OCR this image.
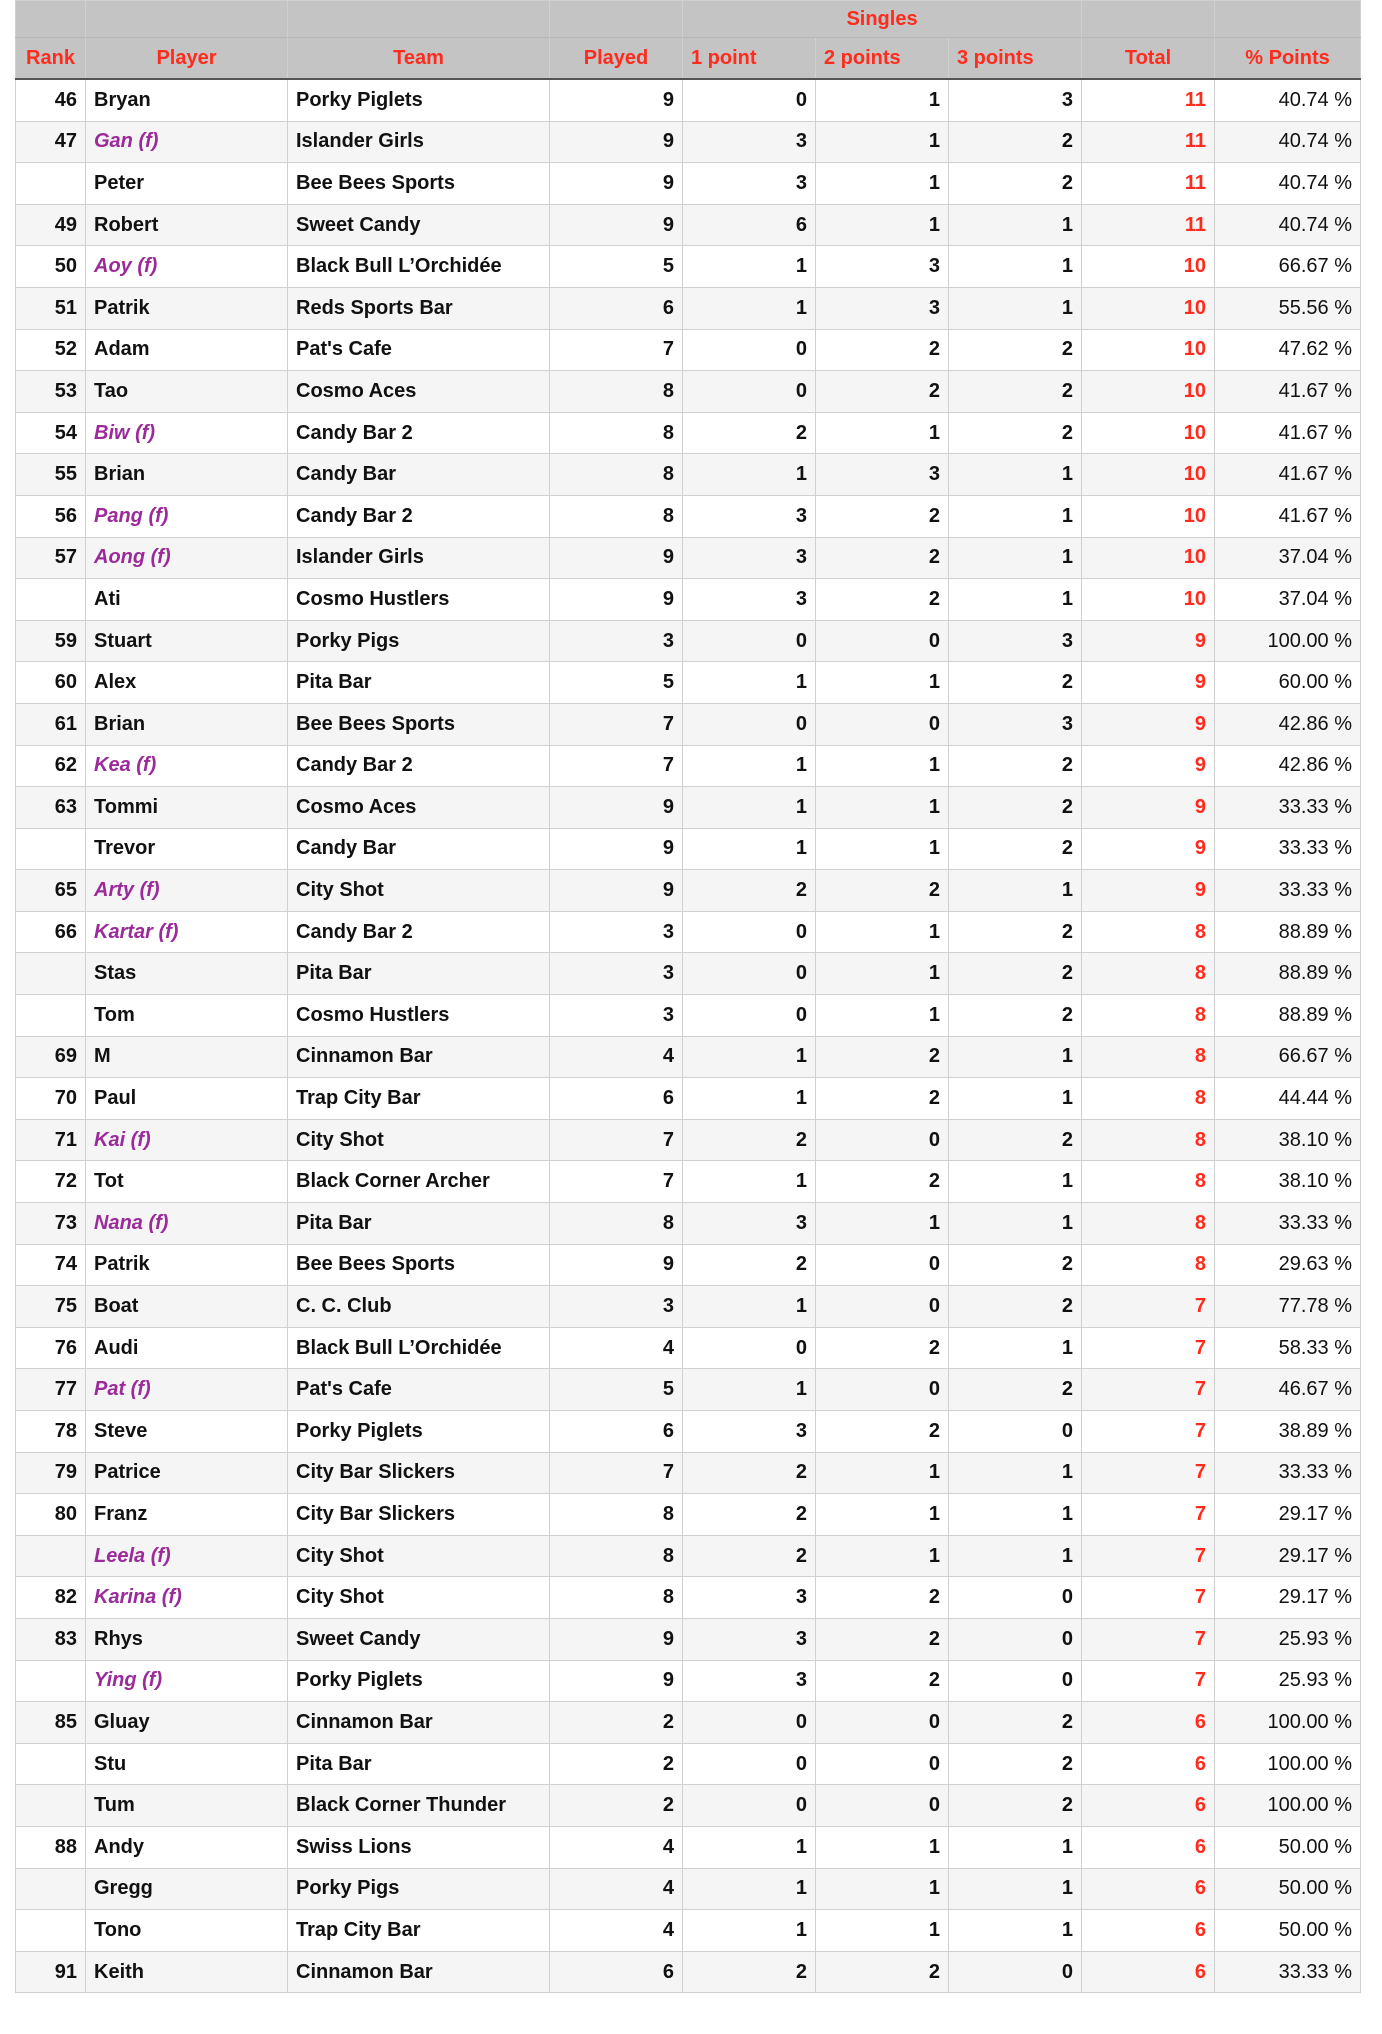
				Singles				
Rank	Player	Team	Played	1 point	2 points	3 points	Total	% Points
46	Bryan	Porky Piglets	9	0	1	3	11	40.74 %
47	Gan (f)	Islander Girls	9	3	1	2	11	40.74 %
	Peter	Bee Bees Sports	9	3	1	2	11	40.74 %
49	Robert	Sweet Candy	9	6	1	1	11	40.74 %
50	Aoy (f)	Black Bull L’Orchidée	5	1	3	1	10	66.67 %
51	Patrik	Reds Sports Bar	6	1	3	1	10	55.56 %
52	Adam	Pat's Cafe	7	0	2	2	10	47.62 %
53	Tao	Cosmo Aces	8	0	2	2	10	41.67 %
54	Biw (f)	Candy Bar 2	8	2	1	2	10	41.67 %
55	Brian	Candy Bar	8	1	3	1	10	41.67 %
56	Pang (f)	Candy Bar 2	8	3	2	1	10	41.67 %
57	Aong (f)	Islander Girls	9	3	2	1	10	37.04 %
	Ati	Cosmo Hustlers	9	3	2	1	10	37.04 %
59	Stuart	Porky Pigs	3	0	0	3	9	100.00 %
60	Alex	Pita Bar	5	1	1	2	9	60.00 %
61	Brian	Bee Bees Sports	7	0	0	3	9	42.86 %
62	Kea (f)	Candy Bar 2	7	1	1	2	9	42.86 %
63	Tommi	Cosmo Aces	9	1	1	2	9	33.33 %
	Trevor	Candy Bar	9	1	1	2	9	33.33 %
65	Arty (f)	City Shot	9	2	2	1	9	33.33 %
66	Kartar (f)	Candy Bar 2	3	0	1	2	8	88.89 %
	Stas	Pita Bar	3	0	1	2	8	88.89 %
	Tom	Cosmo Hustlers	3	0	1	2	8	88.89 %
69	M	Cinnamon Bar	4	1	2	1	8	66.67 %
70	Paul	Trap City Bar	6	1	2	1	8	44.44 %
71	Kai (f)	City Shot	7	2	0	2	8	38.10 %
72	Tot	Black Corner Archer	7	1	2	1	8	38.10 %
73	Nana (f)	Pita Bar	8	3	1	1	8	33.33 %
74	Patrik	Bee Bees Sports	9	2	0	2	8	29.63 %
75	Boat	C. C. Club	3	1	0	2	7	77.78 %
76	Audi	Black Bull L’Orchidée	4	0	2	1	7	58.33 %
77	Pat (f)	Pat's Cafe	5	1	0	2	7	46.67 %
78	Steve	Porky Piglets	6	3	2	0	7	38.89 %
79	Patrice	City Bar Slickers	7	2	1	1	7	33.33 %
80	Franz	City Bar Slickers	8	2	1	1	7	29.17 %
	Leela (f)	City Shot	8	2	1	1	7	29.17 %
82	Karina (f)	City Shot	8	3	2	0	7	29.17 %
83	Rhys	Sweet Candy	9	3	2	0	7	25.93 %
	Ying (f)	Porky Piglets	9	3	2	0	7	25.93 %
85	Gluay	Cinnamon Bar	2	0	0	2	6	100.00 %
	Stu	Pita Bar	2	0	0	2	6	100.00 %
	Tum	Black Corner Thunder	2	0	0	2	6	100.00 %
88	Andy	Swiss Lions	4	1	1	1	6	50.00 %
	Gregg	Porky Pigs	4	1	1	1	6	50.00 %
	Tono	Trap City Bar	4	1	1	1	6	50.00 %
91	Keith	Cinnamon Bar	6	2	2	0	6	33.33 %
